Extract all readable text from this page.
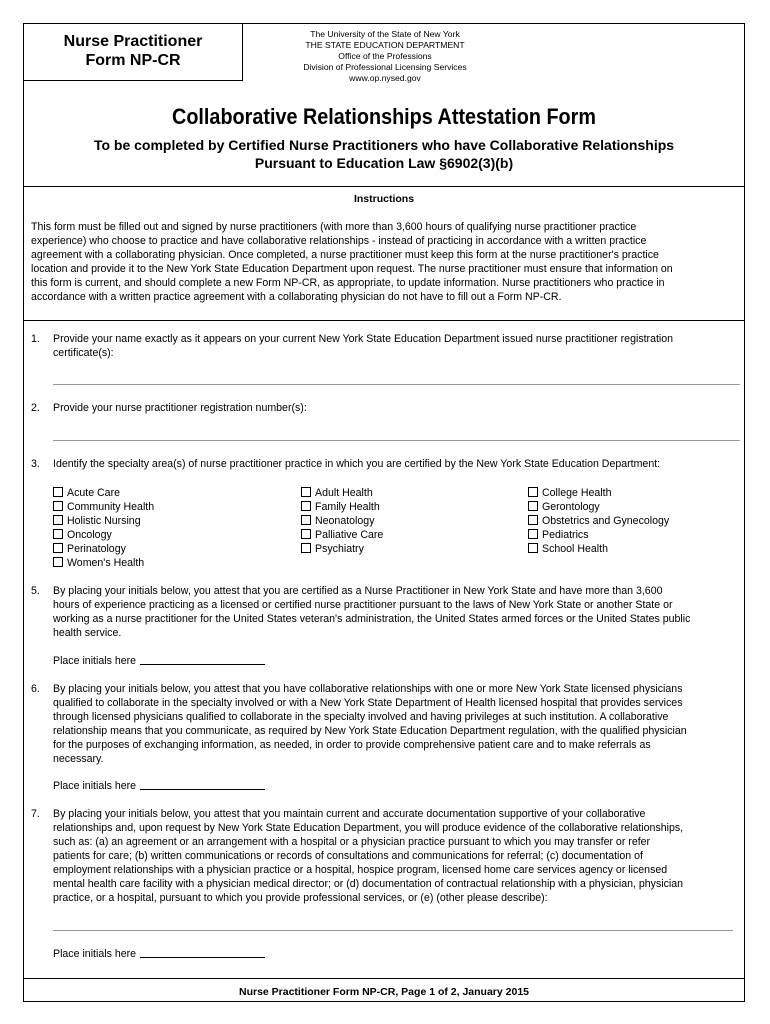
Nurse Practitioner
Form NP-CR
The University of the State of New York
THE STATE EDUCATION DEPARTMENT
Office of the Professions
Division of Professional Licensing Services
www.op.nysed.gov
Collaborative Relationships Attestation Form
To be completed by Certified Nurse Practitioners who have Collaborative Relationships
Pursuant to Education Law §6902(3)(b)
Instructions
This form must be filled out and signed by nurse practitioners (with more than 3,600 hours of qualifying nurse practitioner practice
experience) who choose to practice and have collaborative relationships - instead of practicing in accordance with a written practice
agreement with a collaborating physician. Once completed, a nurse practitioner must keep this form at the nurse practitioner's practice
location and provide it to the New York State Education Department upon request. The nurse practitioner must ensure that information on
this form is current, and should complete a new Form NP-CR, as appropriate, to update information. Nurse practitioners who practice in
accordance with a written practice agreement with a collaborating physician do not have to fill out a Form NP-CR.
1. Provide your name exactly as it appears on your current New York State Education Department issued nurse practitioner registration
certificate(s):
2. Provide your nurse practitioner registration number(s):
3. Identify the specialty area(s) of nurse practitioner practice in which you are certified by the New York State Education Department:
Acute Care
Community Health
Holistic Nursing
Oncology
Perinatology
Women's Health
Adult Health
Family Health
Neonatology
Palliative Care
Psychiatry
College Health
Gerontology
Obstetrics and Gynecology
Pediatrics
School Health
5. By placing your initials below, you attest that you are certified as a Nurse Practitioner in New York State and have more than 3,600
hours of experience practicing as a licensed or certified nurse practitioner pursuant to the laws of New York State or another State or
working as a nurse practitioner for the United States veteran's administration, the United States armed forces or the United States public
health service.
Place initials here
6. By placing your initials below, you attest that you have collaborative relationships with one or more New York State licensed physicians
qualified to collaborate in the specialty involved or with a New York State Department of Health licensed hospital that provides services
through licensed physicians qualified to collaborate in the specialty involved and having privileges at such institution. A collaborative
relationship means that you communicate, as required by New York State Education Department regulation, with the qualified physician
for the purposes of exchanging information, as needed, in order to provide comprehensive patient care and to make referrals as
necessary.
Place initials here
7. By placing your initials below, you attest that you maintain current and accurate documentation supportive of your collaborative
relationships and, upon request by New York State Education Department, you will produce evidence of the collaborative relationships,
such as: (a) an agreement or an arrangement with a hospital or a physician practice pursuant to which you may transfer or refer
patients for care; (b) written communications or records of consultations and communications for referral; (c) documentation of
employment relationships with a physician practice or a hospital, hospice program, licensed home care services agency or licensed
mental health care facility with a physician medical director; or (d) documentation of contractual relationship with a physician, physician
practice, or a hospital, pursuant to which you provide professional services, or (e) (other please describe):
Place initials here
Nurse Practitioner Form NP-CR, Page 1 of 2, January 2015
